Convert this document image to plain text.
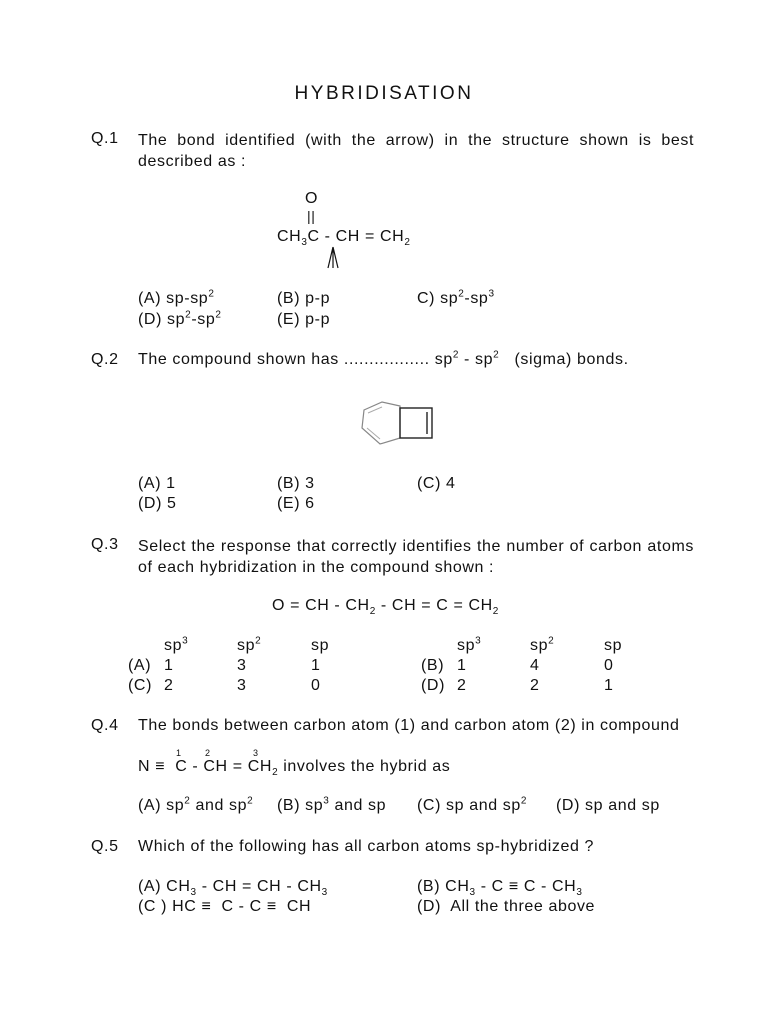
HYBRIDISATION
Q.1 The bond identified (with the arrow) in the structure shown is best described as :
O
||
$CH_3C$ - CH = $CH_2$
(A) $sp-sp^2$	(B) p-p	C) $sp^2-sp^3$
(D) $sp^2-sp^2$	(E) p-p
Q.2 The compound shown has ................. $sp^2 - sp^2$   (sigma) bonds.
(A) 1	(B) 3	(C) 4
(D) 5	(E) 6
Q.3 Select the response that correctly identifies the number of carbon atoms of each hybridization in the compound shown :
O = CH - $CH_2$ - CH = $C = CH_2$
$sp^3$	$sp^2$	sp	$sp^3$	$sp^2$	sp
(A) 1	3	1
(C) 2	3	0
(B) 1	4	0
(D) 2	2	1
Q.4 The bonds between carbon atom (1) and carbon atom (2) in compound
1	2	3
N ≡  C - CH = $CH_2$ involves the hybrid as
(A) $sp^2$ and $sp^2$ (B) $sp^3$ and sp (C) sp and $sp^2$ (D) sp and sp
Q.5 Which of the following has all carbon atoms sp-hybridized ?
(A) $CH_3$ - CH = CH - $CH_3$	(B) $CH_3 - C \equiv C - CH_3$
(C ) HC ≡  C - C ≡  CH	(D)  All the three above
